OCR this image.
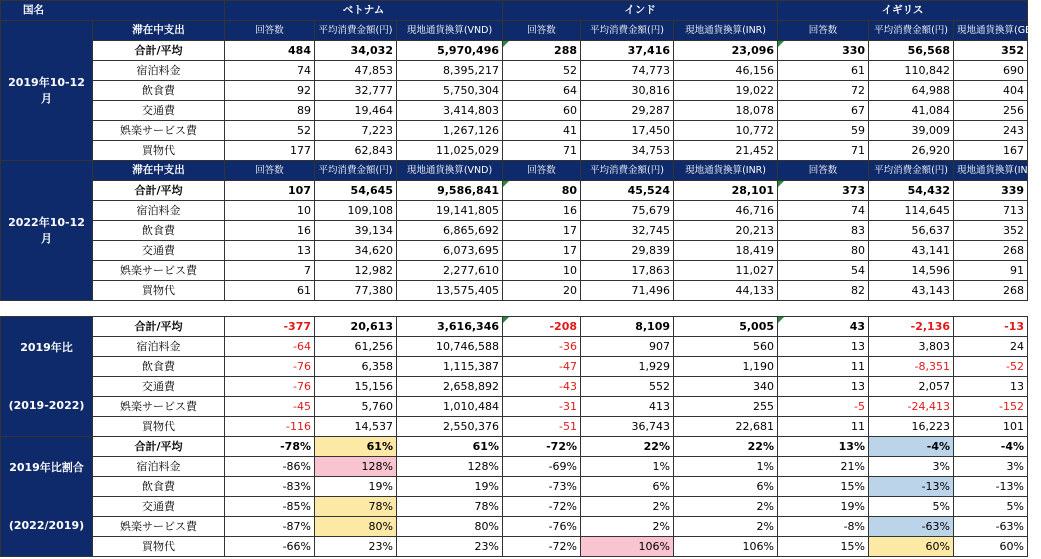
国名		ベトナム			インド			イギリス		
2019年10-12月	滞在中支出	回答数	平均消費金額(円)	現地通貨換算(VND)	回答数	平均消費金額(円)	現地通貨換算(INR)	回答数	平均消費金額(円)	現地通貨換算(GBP)
	合計/平均	484	34,032	5,970,496	288	37,416	23,096	330	56,568	352
	宿泊料金	74	47,853	8,395,217	52	74,773	46,156	61	110,842	690
	飲食費	92	32,777	5,750,304	64	30,816	19,022	72	64,988	404
	交通費	89	19,464	3,414,803	60	29,287	18,078	67	41,084	256
	娯楽サービス費	52	7,223	1,267,126	41	17,450	10,772	59	39,009	243
	買物代	177	62,843	11,025,029	71	34,753	21,452	71	26,920	167
2022年10-12月	滞在中支出	回答数	平均消費金額(円)	現地通貨換算(VND)	回答数	平均消費金額(円)	現地通貨換算(INR)	回答数	平均消費金額(円)	現地通貨換算(INR)
	合計/平均	107	54,645	9,586,841	80	45,524	28,101	373	54,432	339
	宿泊料金	10	109,108	19,141,805	16	75,679	46,716	74	114,645	713
	飲食費	16	39,134	6,865,692	17	32,745	20,213	83	56,637	352
	交通費	13	34,620	6,073,695	17	29,839	18,419	80	43,141	268
	娯楽サービス費	7	12,982	2,277,610	10	17,863	11,027	54	14,596	91
	買物代	61	77,380	13,575,405	20	71,496	44,133	82	43,143	268
2019年比
(2019-2022)	合計/平均	-377	20,613	3,616,346	-208	8,109	5,005	43	-2,136	-13
	宿泊料金	-64	61,256	10,746,588	-36	907	560	13	3,803	24
	飲食費	-76	6,358	1,115,387	-47	1,929	1,190	11	-8,351	-52
	交通費	-76	15,156	2,658,892	-43	552	340	13	2,057	13
	娯楽サービス費	-45	5,760	1,010,484	-31	413	255	-5	-24,413	-152
	買物代	-116	14,537	2,550,376	-51	36,743	22,681	11	16,223	101

2019年比割合
(2022/2019)	合計/平均	-78%	61%	61%	-72%	22%	22%	13%	-4%	-4%
	宿泊料金	-86%	128%	128%	-69%	1%	1%	21%	3%	3%
	飲食費	-83%	19%	19%	-73%	6%	6%	15%	-13%	-13%
	交通費	-85%	78%	78%	-72%	2%	2%	19%	5%	5%
	娯楽サービス費	-87%	80%	80%	-76%	2%	2%	-8%	-63%	-63%
	買物代	-66%	23%	23%	-72%	106%	106%	15%	60%	60%
